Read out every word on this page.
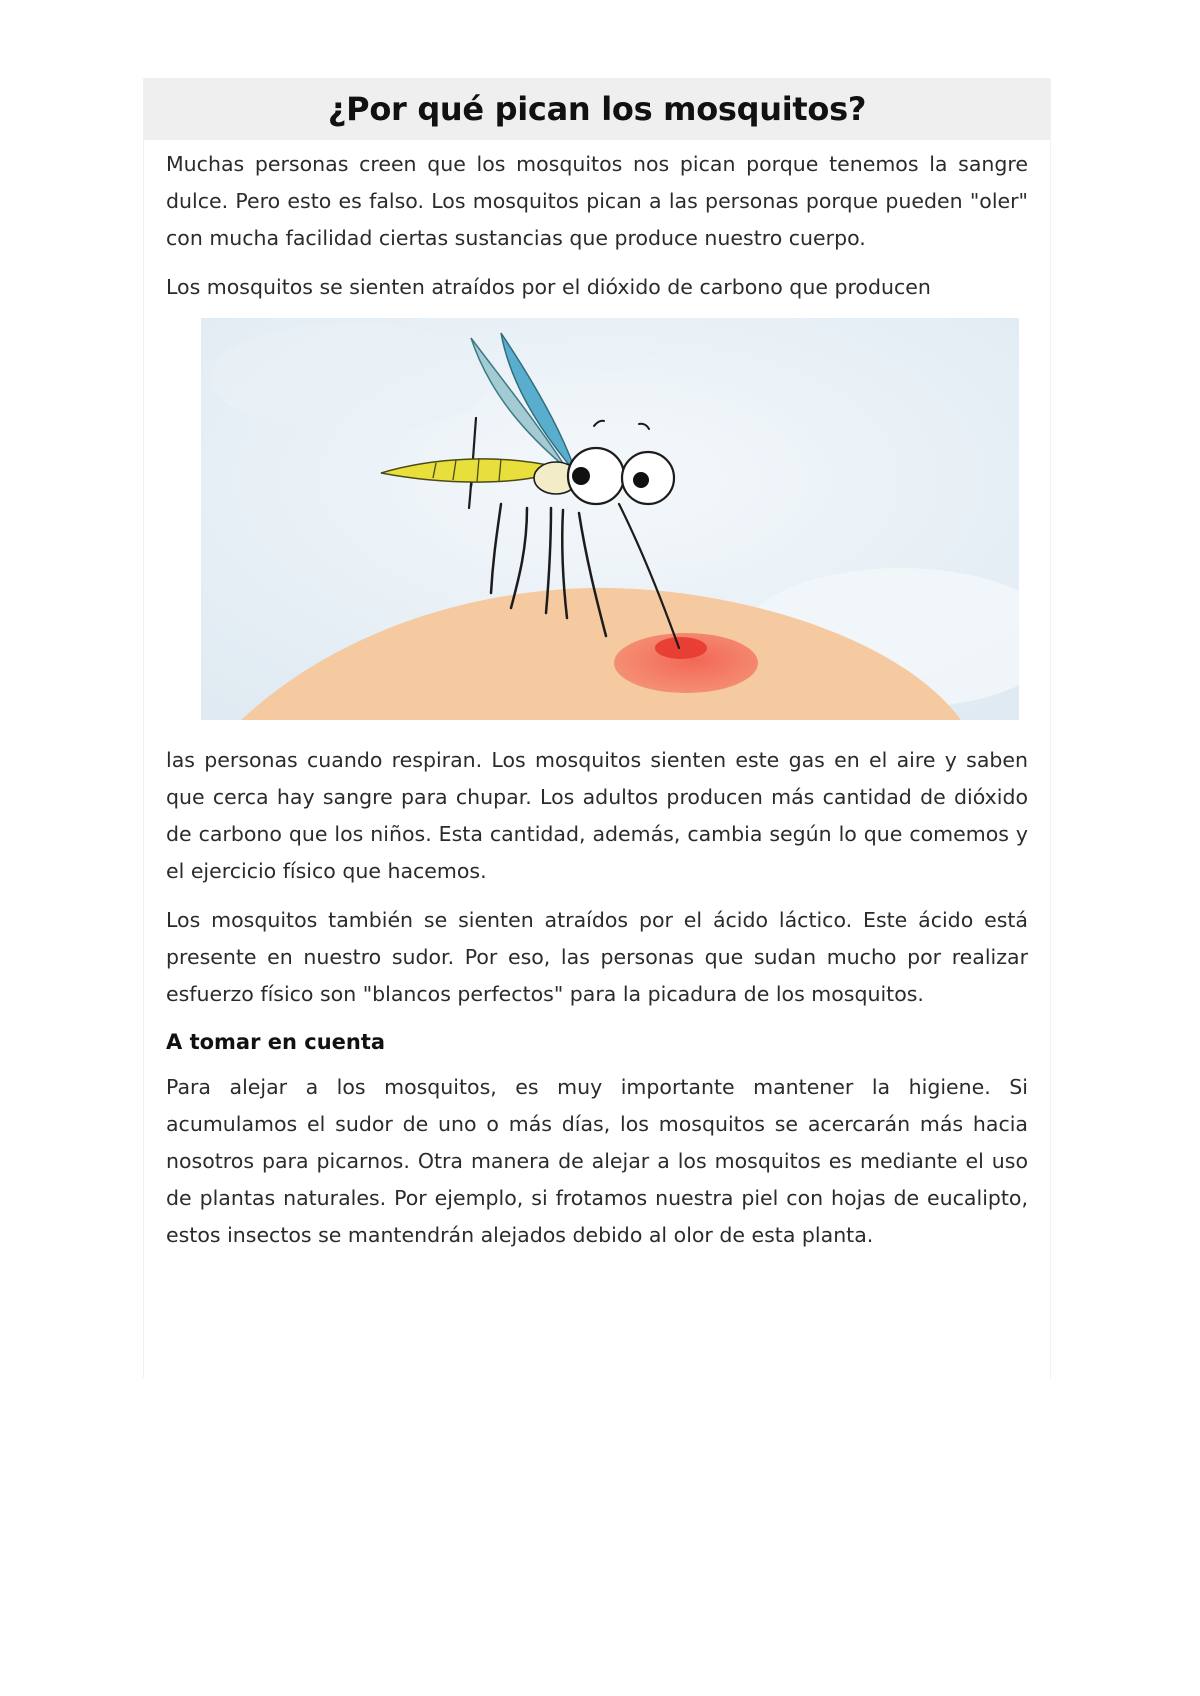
¿Por qué pican los mosquitos?

Muchas personas creen que los mosquitos nos pican porque tenemos la sangre dulce. Pero esto es falso. Los mosquitos pican a las personas porque pueden "oler" con mucha facilidad ciertas sustancias que produce nuestro cuerpo.

Los mosquitos se sienten atraídos por el dióxido de carbono que producen

las personas cuando respiran. Los mosquitos sienten este gas en el aire y saben que cerca hay sangre para chupar. Los adultos producen más cantidad de dióxido de carbono que los niños. Esta cantidad, además, cambia según lo que comemos y el ejercicio físico que hacemos.

Los mosquitos también se sienten atraídos por el ácido láctico. Este ácido está presente en nuestro sudor. Por eso, las personas que sudan mucho por realizar esfuerzo físico son "blancos perfectos" para la picadura de los mosquitos.

A tomar en cuenta

Para alejar a los mosquitos, es muy importante mantener la higiene. Si acumulamos el sudor de uno o más días, los mosquitos se acercarán más hacia nosotros para picarnos. Otra manera de alejar a los mosquitos es mediante el uso de plantas naturales. Por ejemplo, si frotamos nuestra piel con hojas de eucalipto, estos insectos se mantendrán alejados debido al olor de esta planta.
